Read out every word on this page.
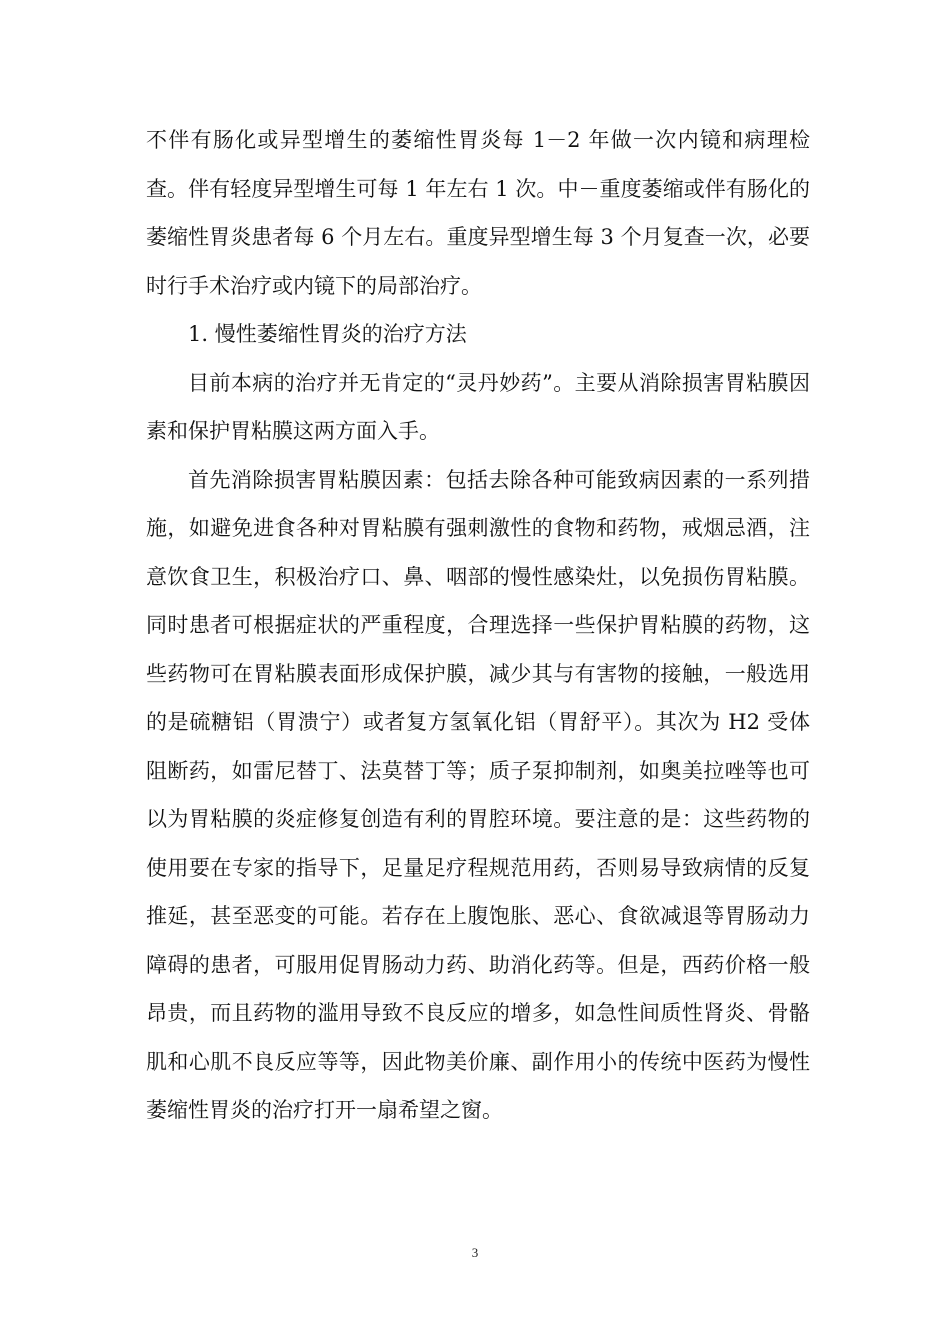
不伴有肠化或异型增生的萎缩性胃炎每 1－2 年做一次内镜和病理检查。伴有轻度异型增生可每 1 年左右 1 次。中－重度萎缩或伴有肠化的萎缩性胃炎患者每 6 个月左右。重度异型增生每 3 个月复查一次，必要时行手术治疗或内镜下的局部治疗。

1. 慢性萎缩性胃炎的治疗方法

目前本病的治疗并无肯定的“灵丹妙药”。主要从消除损害胃粘膜因素和保护胃粘膜这两方面入手。

首先消除损害胃粘膜因素：包括去除各种可能致病因素的一系列措施，如避免进食各种对胃粘膜有强刺激性的食物和药物，戒烟忌酒，注意饮食卫生，积极治疗口、鼻、咽部的慢性感染灶，以免损伤胃粘膜。同时患者可根据症状的严重程度，合理选择一些保护胃粘膜的药物，这些药物可在胃粘膜表面形成保护膜，减少其与有害物的接触，一般选用的是硫糖铝（胃溃宁）或者复方氢氧化铝（胃舒平）。其次为 H2 受体阻断药，如雷尼替丁、法莫替丁等；质子泵抑制剂，如奥美拉唑等也可以为胃粘膜的炎症修复创造有利的胃腔环境。要注意的是：这些药物的使用要在专家的指导下，足量足疗程规范用药，否则易导致病情的反复推延，甚至恶变的可能。若存在上腹饱胀、恶心、食欲减退等胃肠动力障碍的患者，可服用促胃肠动力药、助消化药等。但是，西药价格一般昂贵，而且药物的滥用导致不良反应的增多，如急性间质性肾炎、骨骼肌和心肌不良反应等等，因此物美价廉、副作用小的传统中医药为慢性萎缩性胃炎的治疗打开一扇希望之窗。

3
